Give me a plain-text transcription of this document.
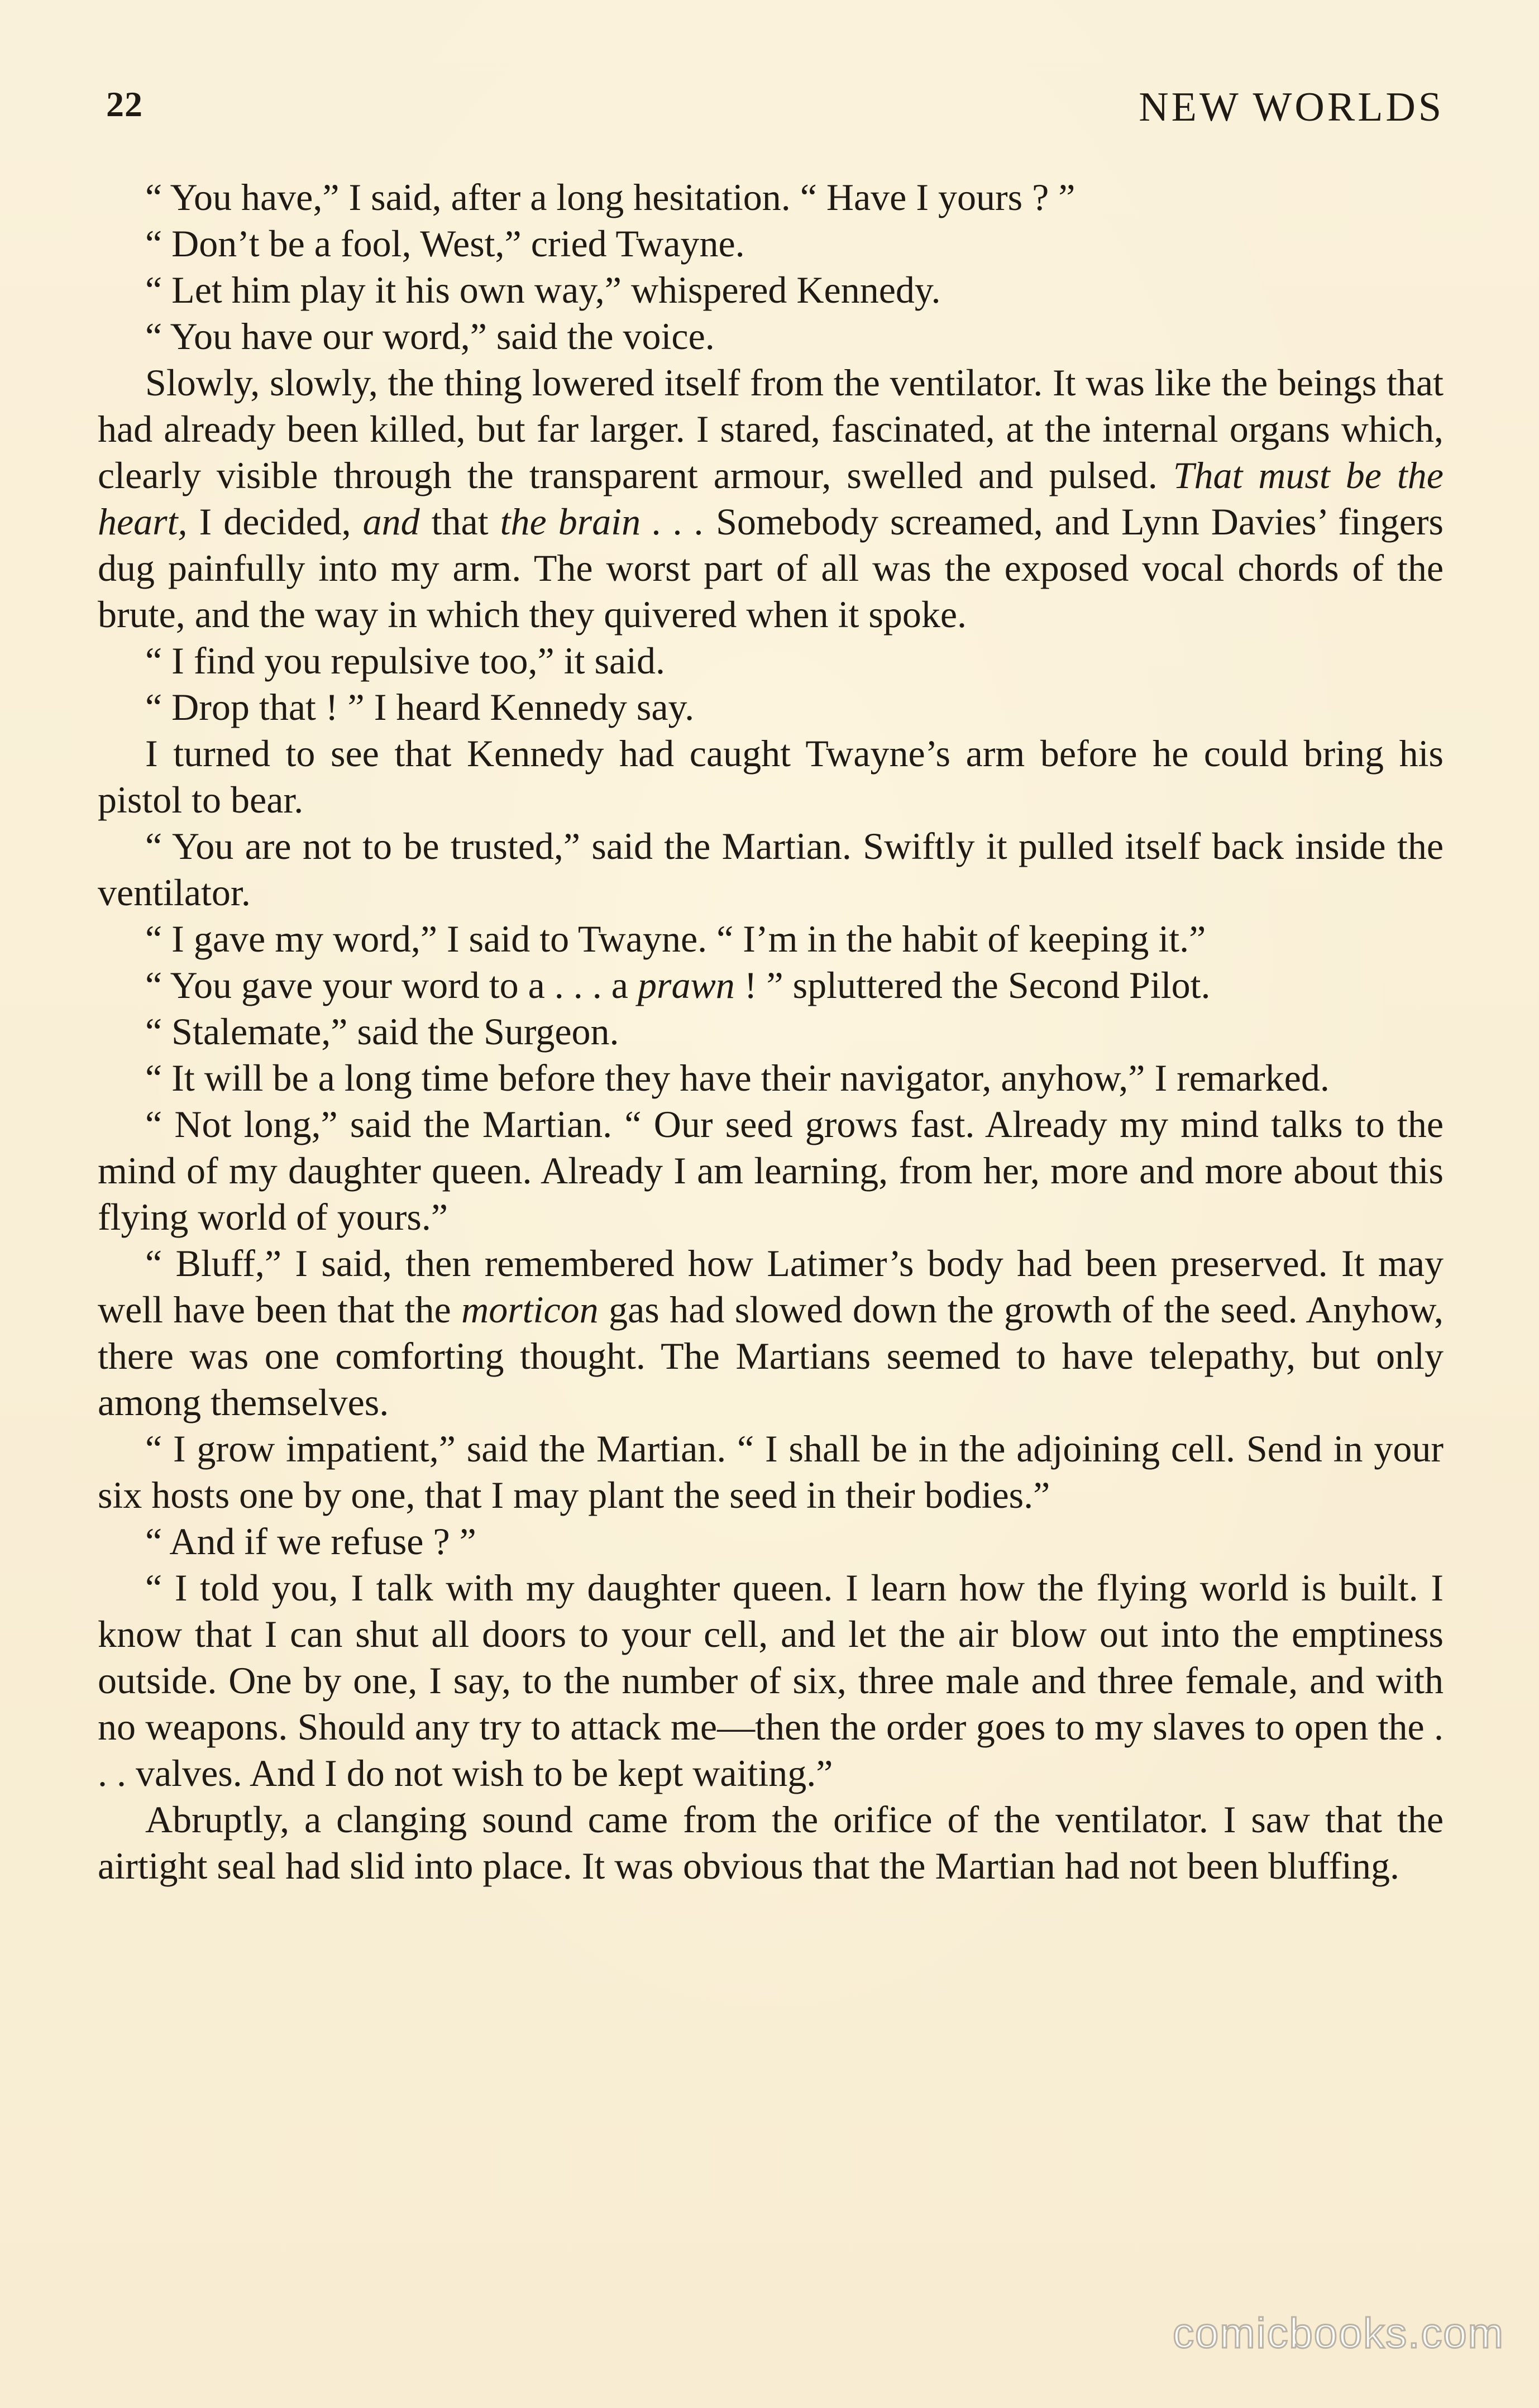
22	NEW WORLDS

“ You have,” I said, after a long hesitation. “ Have I yours ? ”

“ Don’t be a fool, West,” cried Twayne.

“ Let him play it his own way,” whispered Kennedy.

“ You have our word,” said the voice.

Slowly, slowly, the thing lowered itself from the ventilator. It was like the beings that had already been killed, but far larger. I stared, fascinated, at the internal organs which, clearly visible through the transparent armour, swelled and pulsed. That must be the heart, I decided, and that the brain . . . Somebody screamed, and Lynn Davies’ fingers dug painfully into my arm. The worst part of all was the exposed vocal chords of the brute, and the way in which they quivered when it spoke.

“ I find you repulsive too,” it said.

“ Drop that ! ” I heard Kennedy say.

I turned to see that Kennedy had caught Twayne’s arm before he could bring his pistol to bear.

“ You are not to be trusted,” said the Martian. Swiftly it pulled itself back inside the ventilator.

“ I gave my word,” I said to Twayne. “ I’m in the habit of keeping it.”

“ You gave your word to a . . . a prawn ! ” spluttered the Second Pilot.

“ Stalemate,” said the Surgeon.

“ It will be a long time before they have their navigator, anyhow,” I remarked.

“ Not long,” said the Martian. “ Our seed grows fast. Already my mind talks to the mind of my daughter queen. Already I am learning, from her, more and more about this flying world of yours.”

“ Bluff,” I said, then remembered how Latimer’s body had been preserved. It may well have been that the morticon gas had slowed down the growth of the seed. Anyhow, there was one comforting thought. The Martians seemed to have telepathy, but only among themselves.

“ I grow impatient,” said the Martian. “ I shall be in the adjoining cell. Send in your six hosts one by one, that I may plant the seed in their bodies.”

“ And if we refuse ? ”

“ I told you, I talk with my daughter queen. I learn how the flying world is built. I know that I can shut all doors to your cell, and let the air blow out into the emptiness outside. One by one, I say, to the number of six, three male and three female, and with no weapons. Should any try to attack me—then the order goes to my slaves to open the . . . valves. And I do not wish to be kept waiting.”

Abruptly, a clanging sound came from the orifice of the ventilator. I saw that the airtight seal had slid into place. It was obvious that the Martian had not been bluffing.

comicbooks.com
